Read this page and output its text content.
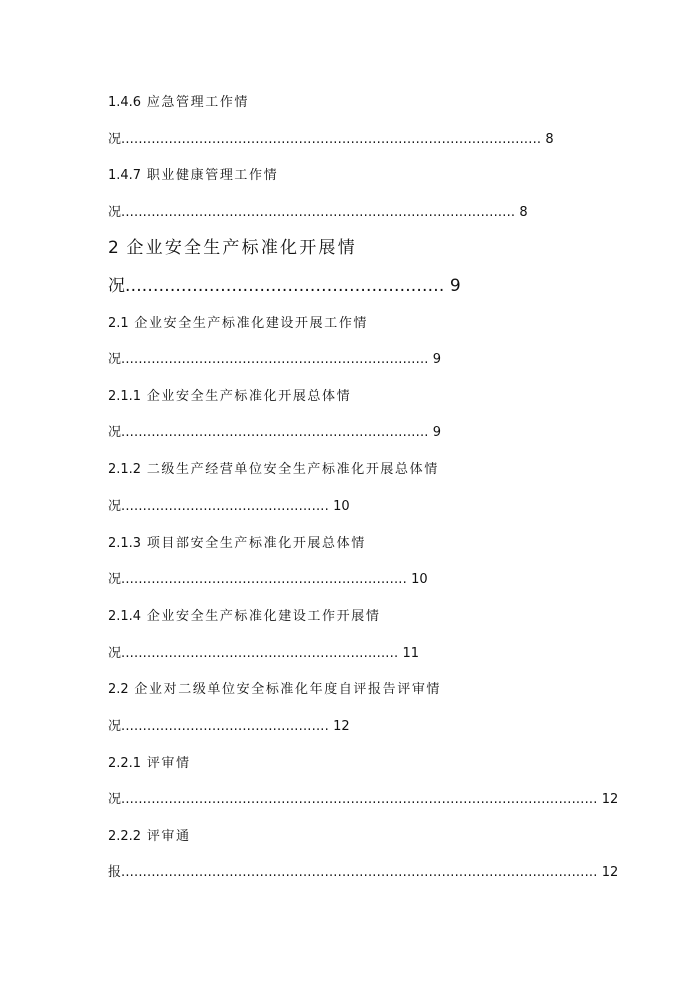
1.4.6 应急管理工作情
况................................................................................................. 8
1.4.7 职业健康管理工作情
况........................................................................................... 8
2 企业安全生产标准化开展情
况......................................................... 9
2.1 企业安全生产标准化建设开展工作情
况....................................................................... 9
2.1.1 企业安全生产标准化开展总体情
况....................................................................... 9
2.1.2 二级生产经营单位安全生产标准化开展总体情
况................................................ 10
2.1.3 项目部安全生产标准化开展总体情
况.................................................................. 10
2.1.4 企业安全生产标准化建设工作开展情
况................................................................ 11
2.2 企业对二级单位安全标准化年度自评报告评审情
况................................................ 12
2.2.1 评审情
况.............................................................................................................. 12
2.2.2 评审通
报.............................................................................................................. 12
